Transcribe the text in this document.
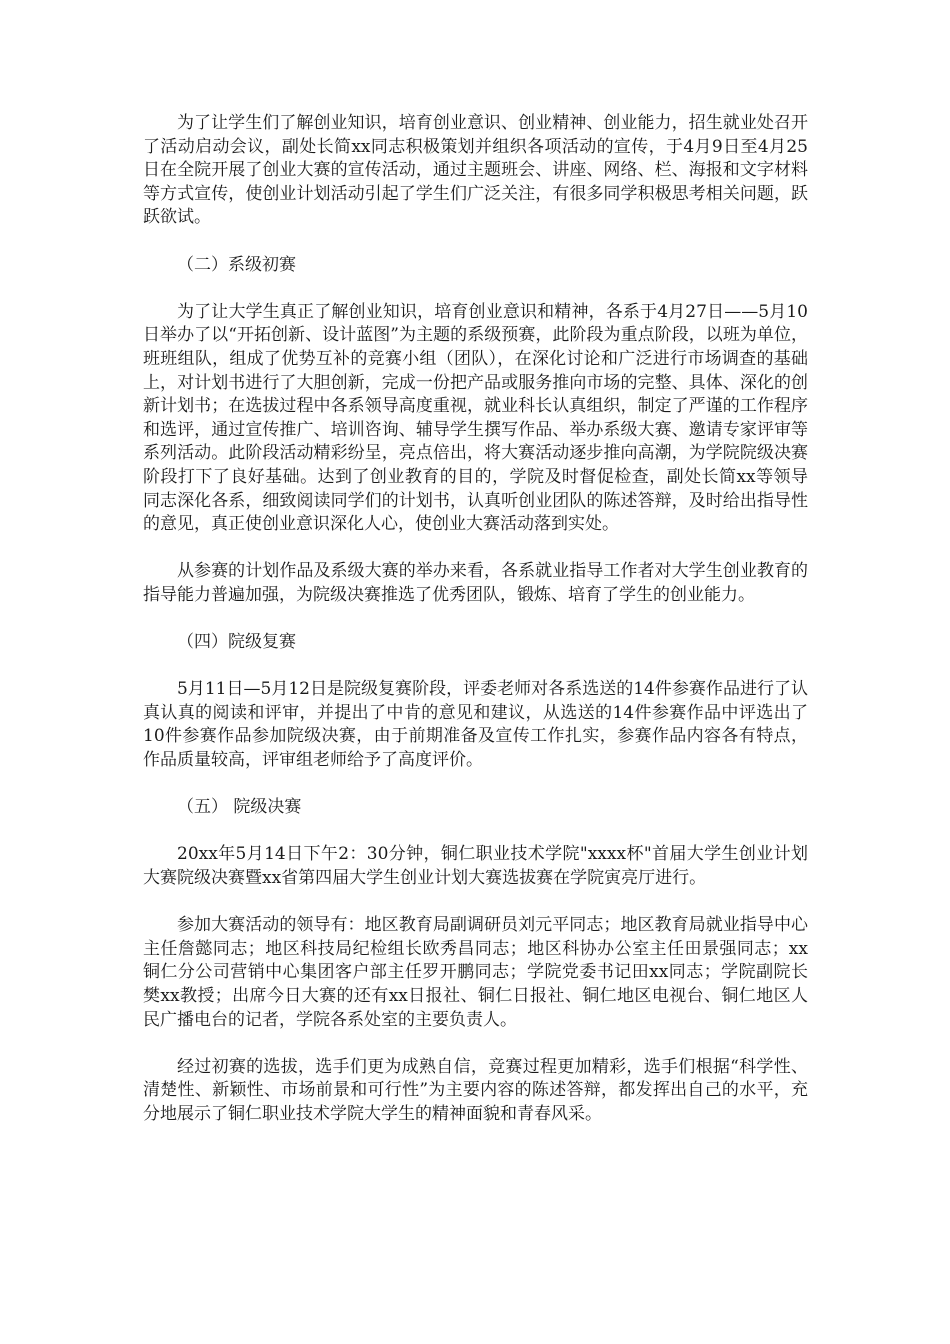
为了让学生们了解创业知识，培育创业意识、创业精神、创业能力，招生就业处召开了活动启动会议，副处长简xx同志积极策划并组织各项活动的宣传，于4月9日至4月25日在全院开展了创业大赛的宣传活动，通过主题班会、讲座、网络、栏、海报和文字材料等方式宣传，使创业计划活动引起了学生们广泛关注，有很多同学积极思考相关问题，跃跃欲试。

（二）系级初赛

为了让大学生真正了解创业知识，培育创业意识和精神，各系于4月27日——5月10日举办了以“开拓创新、设计蓝图”为主题的系级预赛，此阶段为重点阶段，以班为单位，班班组队，组成了优势互补的竞赛小组（团队），在深化讨论和广泛进行市场调查的基础上，对计划书进行了大胆创新，完成一份把产品或服务推向市场的完整、具体、深化的创新计划书；在选拔过程中各系领导高度重视，就业科长认真组织，制定了严谨的工作程序和选评，通过宣传推广、培训咨询、辅导学生撰写作品、举办系级大赛、邀请专家评审等系列活动。此阶段活动精彩纷呈，亮点倍出，将大赛活动逐步推向高潮，为学院院级决赛阶段打下了良好基础。达到了创业教育的目的，学院及时督促检查，副处长简xx等领导同志深化各系，细致阅读同学们的计划书，认真听创业团队的陈述答辩，及时给出指导性的意见，真正使创业意识深化人心，使创业大赛活动落到实处。

从参赛的计划作品及系级大赛的举办来看，各系就业指导工作者对大学生创业教育的指导能力普遍加强，为院级决赛推选了优秀团队，锻炼、培育了学生的创业能力。

（四）院级复赛

5月11日—5月12日是院级复赛阶段，评委老师对各系选送的14件参赛作品进行了认真认真的阅读和评审，并提出了中肯的意见和建议，从选送的14件参赛作品中评选出了10件参赛作品参加院级决赛，由于前期准备及宣传工作扎实，参赛作品内容各有特点，作品质量较高，评审组老师给予了高度评价。

（五） 院级决赛

20xx年5月14日下午2：30分钟，铜仁职业技术学院"xxxx杯"首届大学生创业计划大赛院级决赛暨xx省第四届大学生创业计划大赛选拔赛在学院寅亮厅进行。

参加大赛活动的领导有：地区教育局副调研员刘元平同志；地区教育局就业指导中心主任詹懿同志；地区科技局纪检组长欧秀昌同志；地区科协办公室主任田景强同志；xx铜仁分公司营销中心集团客户部主任罗开鹏同志；学院党委书记田xx同志；学院副院长樊xx教授；出席今日大赛的还有xx日报社、铜仁日报社、铜仁地区电视台、铜仁地区人民广播电台的记者，学院各系处室的主要负责人。

经过初赛的选拔，选手们更为成熟自信，竞赛过程更加精彩，选手们根据“科学性、清楚性、新颖性、市场前景和可行性”为主要内容的陈述答辩，都发挥出自己的水平，充分地展示了铜仁职业技术学院大学生的精神面貌和青春风采。
